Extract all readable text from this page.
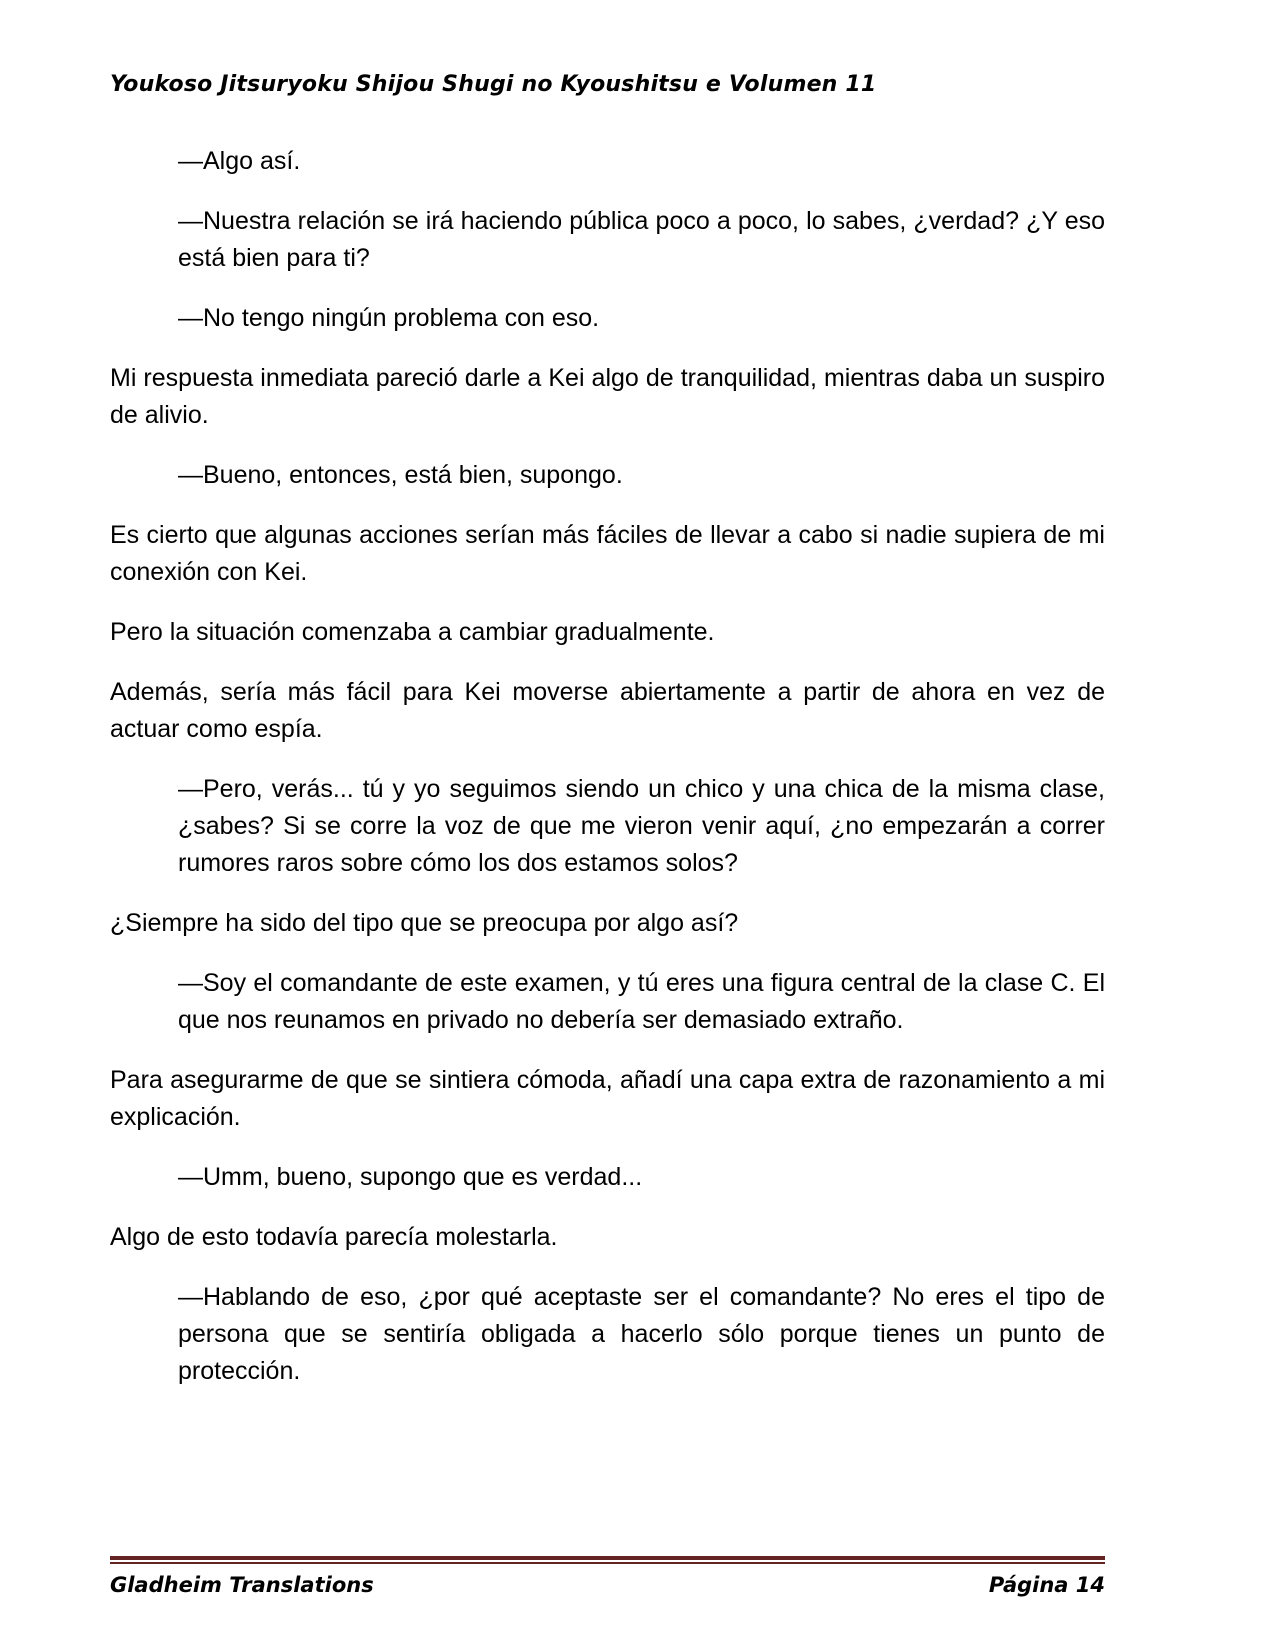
Youkoso Jitsuryoku Shijou Shugi no Kyoushitsu e Volumen 11

—Algo así.

—Nuestra relación se irá haciendo pública poco a poco, lo sabes, ¿verdad? ¿Y eso está bien para ti?

—No tengo ningún problema con eso.

Mi respuesta inmediata pareció darle a Kei algo de tranquilidad, mientras daba un suspiro de alivio.

—Bueno, entonces, está bien, supongo.

Es cierto que algunas acciones serían más fáciles de llevar a cabo si nadie supiera de mi conexión con Kei.

Pero la situación comenzaba a cambiar gradualmente.

Además, sería más fácil para Kei moverse abiertamente a partir de ahora en vez de actuar como espía.

—Pero, verás... tú y yo seguimos siendo un chico y una chica de la misma clase, ¿sabes? Si se corre la voz de que me vieron venir aquí, ¿no empezarán a correr rumores raros sobre cómo los dos estamos solos?

¿Siempre ha sido del tipo que se preocupa por algo así?

—Soy el comandante de este examen, y tú eres una figura central de la clase C. El que nos reunamos en privado no debería ser demasiado extraño.

Para asegurarme de que se sintiera cómoda, añadí una capa extra de razonamiento a mi explicación.

—Umm, bueno, supongo que es verdad...

Algo de esto todavía parecía molestarla.

—Hablando de eso, ¿por qué aceptaste ser el comandante? No eres el tipo de persona que se sentiría obligada a hacerlo sólo porque tienes un punto de protección.

Gladheim Translations	Página 14
